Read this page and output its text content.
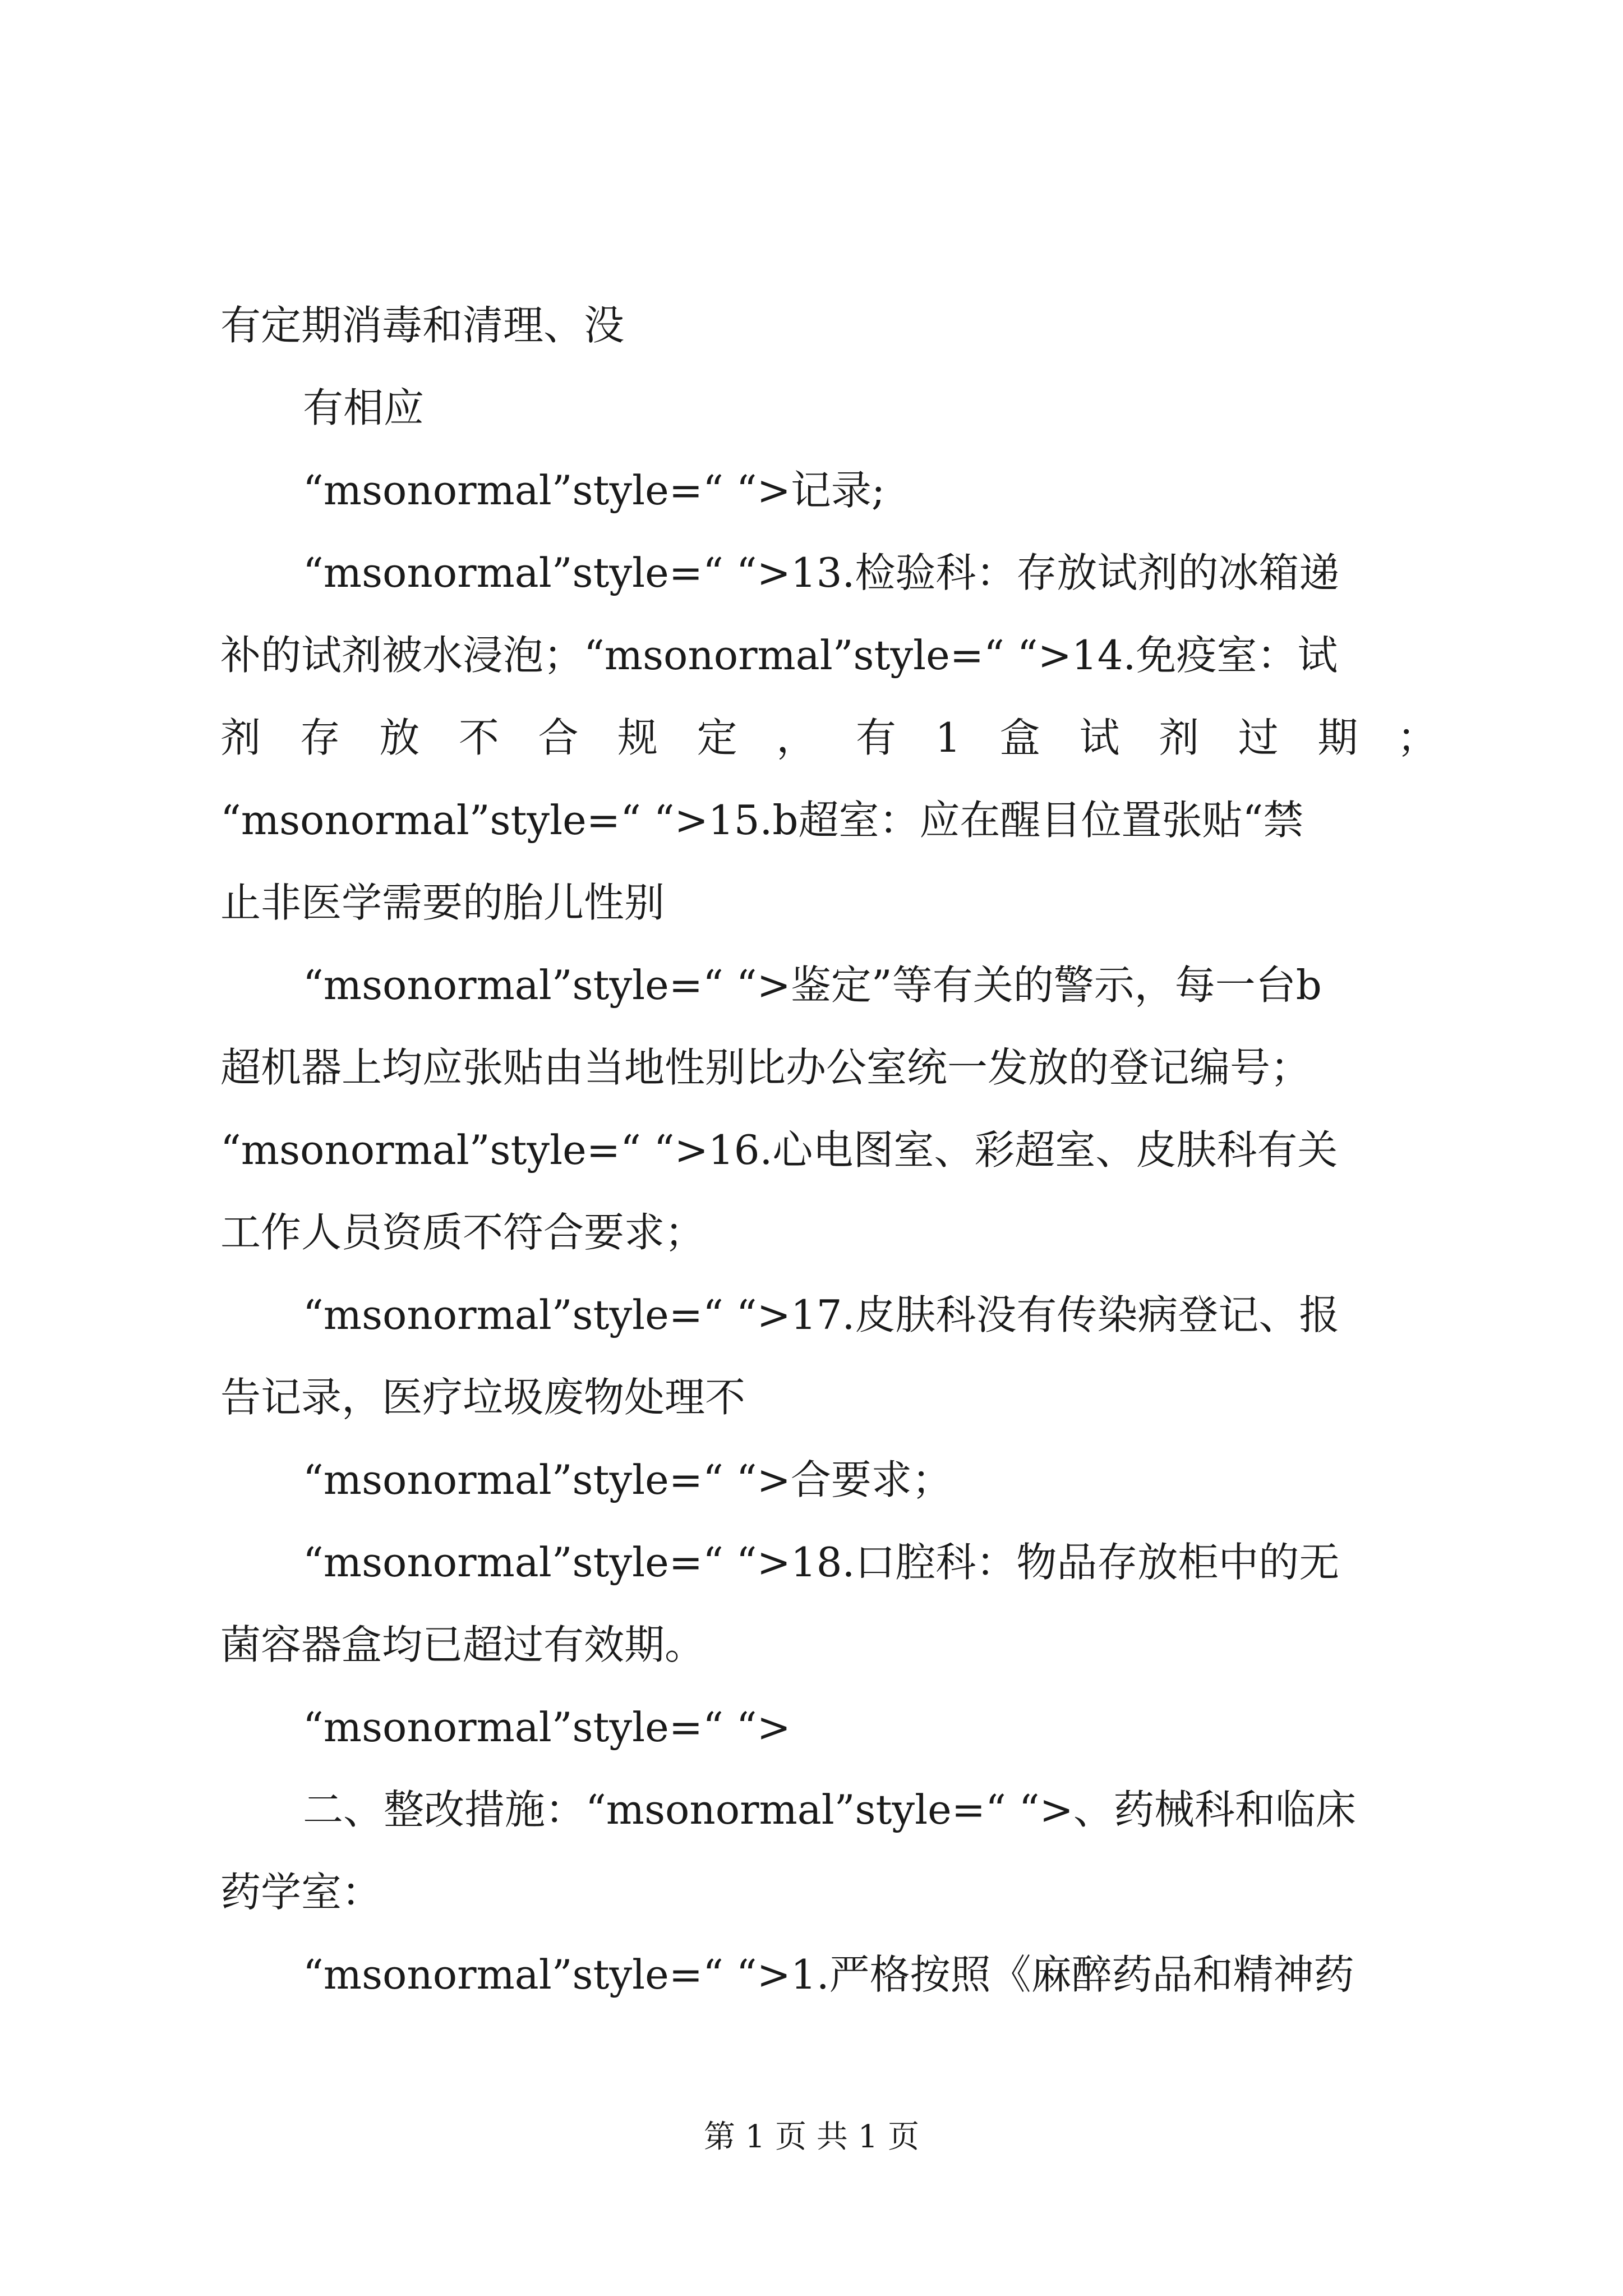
有定期消毒和清理、没
有相应
“msonormal”style=“ “>记录;
“msonormal”style=“ “>13.检验科：存放试剂的冰箱递
补的试剂被水浸泡；“msonormal”style=“ “>14.免疫室：试
剂 存 放 不 合 规 定 ， 有 1 盒 试 剂 过 期 ；
“msonormal”style=“ “>15.b超室：应在醒目位置张贴“禁
止非医学需要的胎儿性别
“msonormal”style=“ “>鉴定”等有关的警示，每一台b
超机器上均应张贴由当地性别比办公室统一发放的登记编号；
“msonormal”style=“ “>16.心电图室、彩超室、皮肤科有关
工作人员资质不符合要求；
“msonormal”style=“ “>17.皮肤科没有传染病登记、报
告记录，医疗垃圾废物处理不
“msonormal”style=“ “>合要求；
“msonormal”style=“ “>18.口腔科：物品存放柜中的无
菌容器盒均已超过有效期。
“msonormal”style=“ “>
二、整改措施：“msonormal”style=“ “>、药械科和临床
药学室：
“msonormal”style=“ “>1.严格按照《麻醉药品和精神药
第 1 页 共 1 页
